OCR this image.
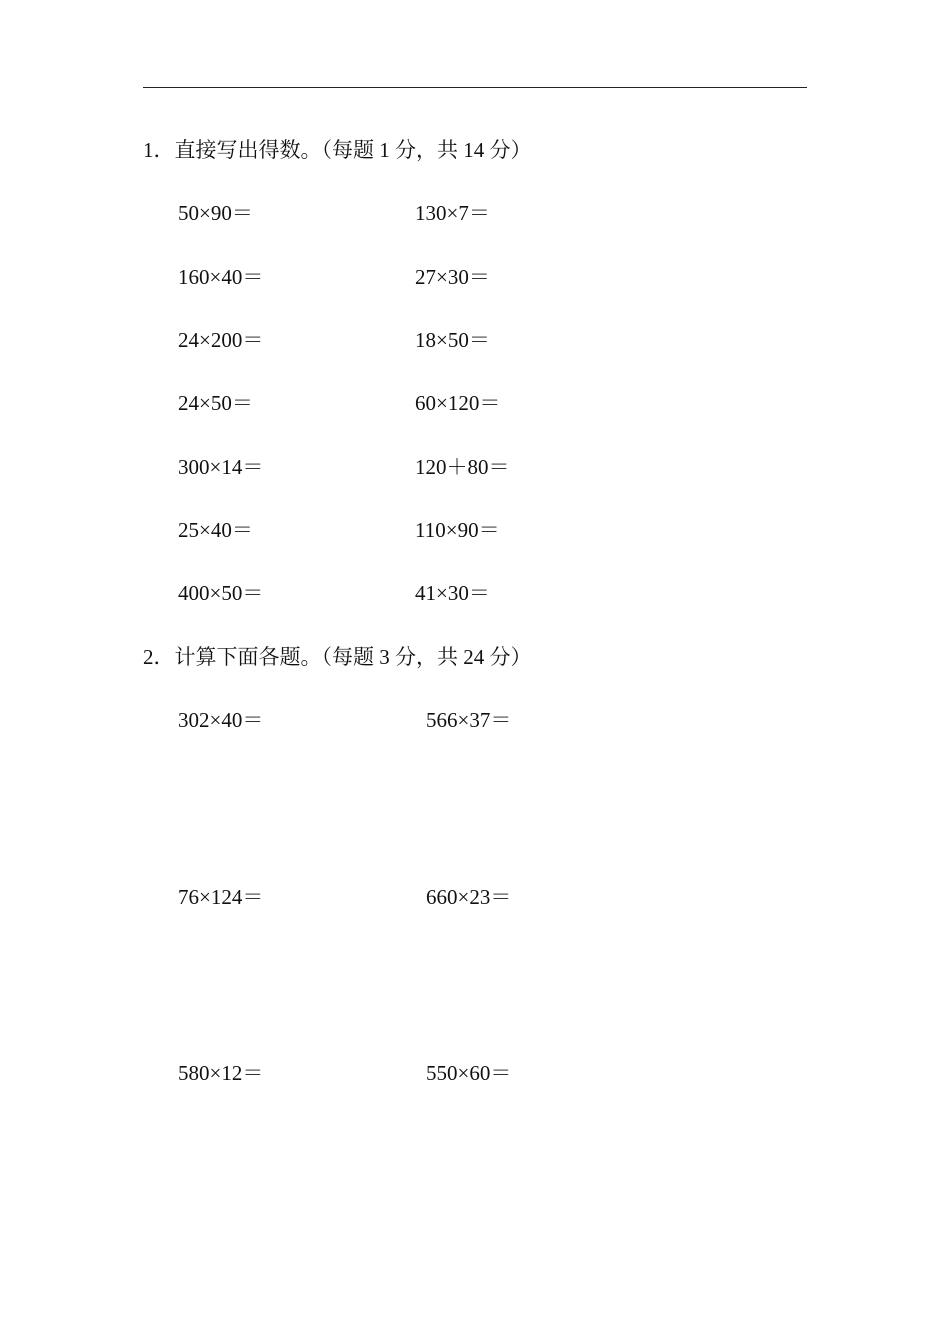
1．直接写出得数。（每题 1 分，共 14 分）
50×90＝	130×7＝
160×40＝	27×30＝
24×200＝	18×50＝
24×50＝	60×120＝
300×14＝	120＋80＝
25×40＝	110×90＝
400×50＝	41×30＝
2．计算下面各题。（每题 3 分，共 24 分）
302×40＝	566×37＝
76×124＝	660×23＝
580×12＝	550×60＝
